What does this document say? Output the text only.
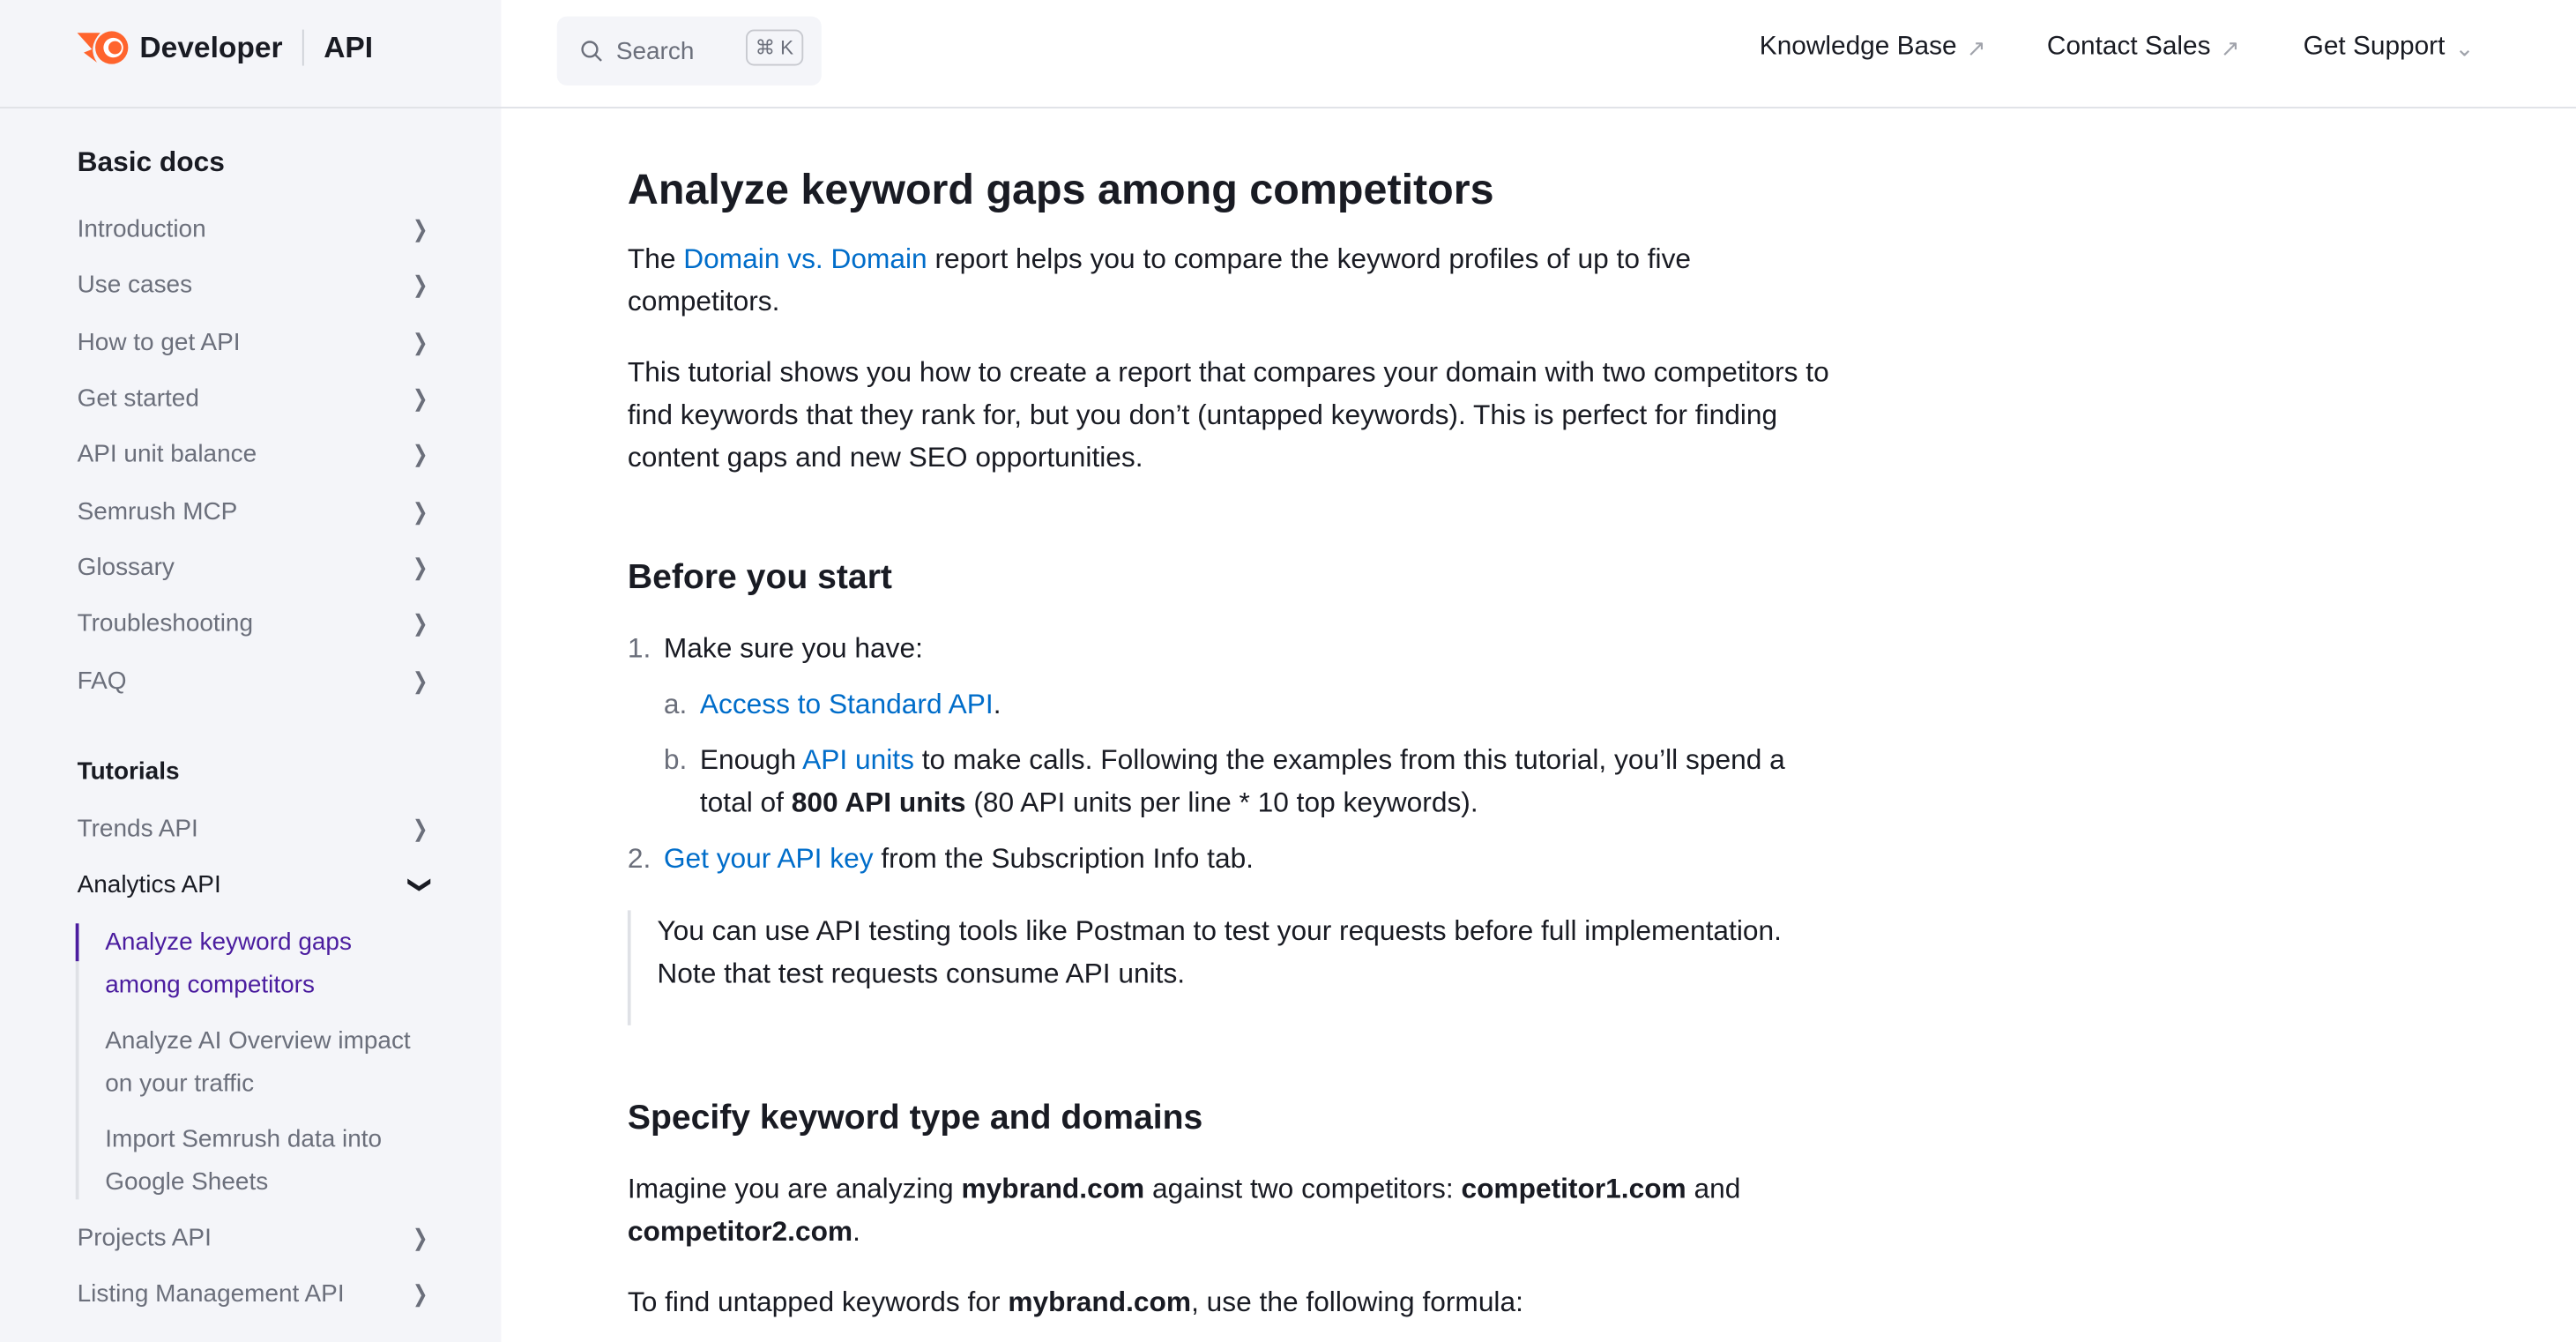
Developer	API	Search	⌘ K	Knowledge Base ↗	Contact Sales ↗	Get Support ⌄
Basic docs
Introduction	❯
Use cases	❯
How to get API	❯
Get started	❯
API unit balance	❯
Semrush MCP	❯
Glossary	❯
Troubleshooting	❯
FAQ	❯
Tutorials
Trends API	❯
Analytics API	❯
Analyze keyword gaps
among competitors
Analyze AI Overview impact
on your traffic
Import Semrush data into
Google Sheets
Projects API	❯
Listing Management API	❯
Analyze keyword gaps among competitors

The Domain vs. Domain report helps you to compare the keyword profiles of up to five competitors.

This tutorial shows you how to create a report that compares your domain with two competitors to find keywords that they rank for, but you don’t (untapped keywords). This is perfect for finding content gaps and new SEO opportunities.

Before you start
1. Make sure you have:
a. Access to Standard API.
b. Enough API units to make calls. Following the examples from this tutorial, you’ll spend a total of 800 API units (80 API units per line * 10 top keywords).
2. Get your API key from the Subscription Info tab.
You can use API testing tools like Postman to test your requests before full implementation. Note that test requests consume API units.
Specify keyword type and domains

Imagine you are analyzing mybrand.com against two competitors: competitor1.com and competitor2.com.

To find untapped keywords for mybrand.com, use the following formula:
